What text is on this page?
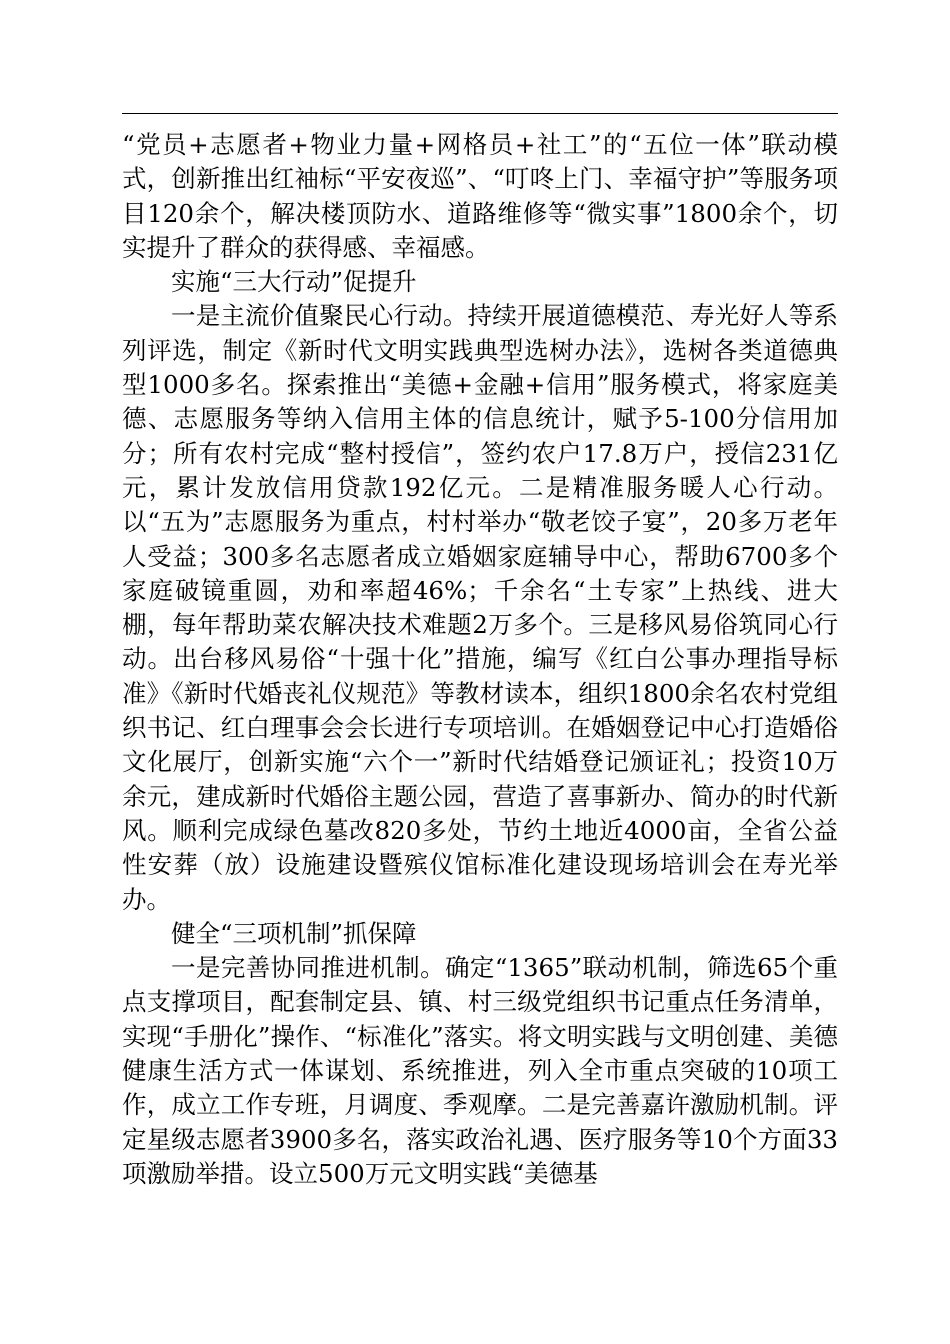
“党员+志愿者+物业力量+网格员+社工”的“五位一体”联动模式，创新推出红袖标“平安夜巡”、“叮咚上门、幸福守护”等服务项目120余个，解决楼顶防水、道路维修等“微实事”1800余个，切实提升了群众的获得感、幸福感。

实施“三大行动”促提升

一是主流价值聚民心行动。持续开展道德模范、寿光好人等系列评选，制定《新时代文明实践典型选树办法》，选树各类道德典型1000多名。探索推出“美德+金融+信用”服务模式，将家庭美德、志愿服务等纳入信用主体的信息统计，赋予5-100分信用加分；所有农村完成“整村授信”，签约农户17.8万户，授信231亿元，累计发放信用贷款192亿元。二是精准服务暖人心行动。以“五为”志愿服务为重点，村村举办“敬老饺子宴”，20多万老年人受益；300多名志愿者成立婚姻家庭辅导中心，帮助6700多个家庭破镜重圆，劝和率超46%；千余名“土专家”上热线、进大棚，每年帮助菜农解决技术难题2万多个。三是移风易俗筑同心行动。出台移风易俗“十强十化”措施，编写《红白公事办理指导标准》《新时代婚丧礼仪规范》等教材读本，组织1800余名农村党组织书记、红白理事会会长进行专项培训。在婚姻登记中心打造婚俗文化展厅，创新实施“六个一”新时代结婚登记颁证礼；投资10万余元，建成新时代婚俗主题公园，营造了喜事新办、简办的时代新风。顺利完成绿色墓改820多处，节约土地近4000亩，全省公益性安葬（放）设施建设暨殡仪馆标准化建设现场培训会在寿光举办。

健全“三项机制”抓保障

一是完善协同推进机制。确定“1365”联动机制，筛选65个重点支撑项目，配套制定县、镇、村三级党组织书记重点任务清单，实现“手册化”操作、“标准化”落实。将文明实践与文明创建、美德健康生活方式一体谋划、系统推进，列入全市重点突破的10项工作，成立工作专班，月调度、季观摩。二是完善嘉许激励机制。评定星级志愿者3900多名，落实政治礼遇、医疗服务等10个方面33项激励举措。设立500万元文明实践“美德基
